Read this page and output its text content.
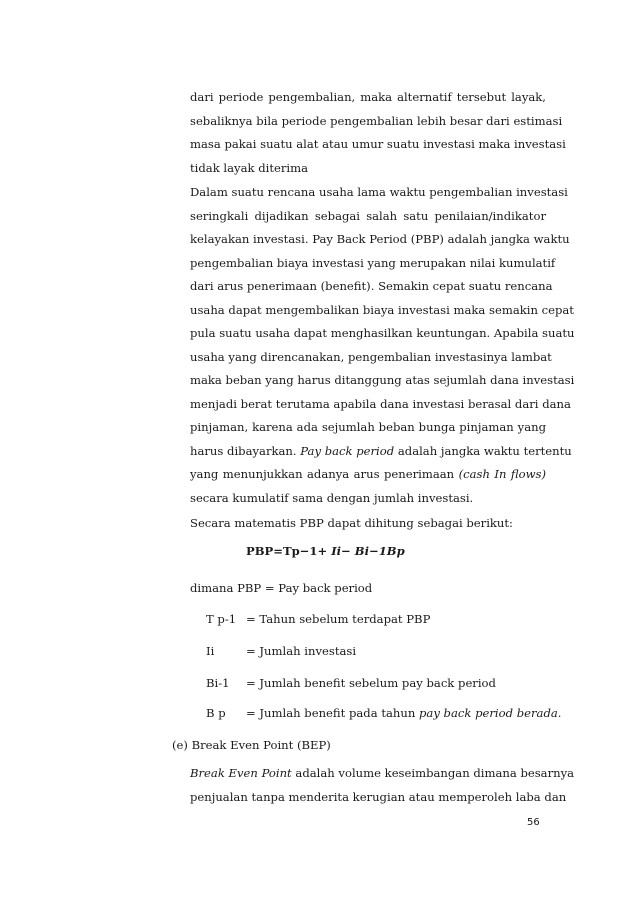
dari periode pengembalian, maka alternatif tersebut layak,
sebaliknya bila periode pengembalian lebih besar dari estimasi
masa pakai suatu alat atau umur suatu investasi maka investasi
tidak layak diterima
Dalam suatu rencana usaha lama waktu pengembalian investasi
seringkali dijadikan sebagai salah satu penilaian/indikator
kelayakan investasi. Pay Back Period (PBP) adalah jangka waktu
pengembalian biaya investasi yang merupakan nilai kumulatif
dari arus penerimaan (benefit). Semakin cepat suatu rencana
usaha dapat mengembalikan biaya investasi maka semakin cepat
pula suatu usaha dapat menghasilkan keuntungan. Apabila suatu
usaha yang direncanakan, pengembalian investasinya lambat
maka beban yang harus ditanggung atas sejumlah dana investasi
menjadi berat terutama apabila dana investasi berasal dari dana
pinjaman, karena ada sejumlah beban bunga pinjaman yang
harus dibayarkan. Pay back period adalah jangka waktu tertentu
yang menunjukkan adanya arus penerimaan (cash In flows)
secara kumulatif sama dengan jumlah investasi.
Secara matematis PBP dapat dihitung sebagai berikut:
PBP=Tp−1+ Ii− Bi−1Bp
dimana PBP = Pay back period
T p-1 = Tahun sebelum terdapat PBP
Ii	= Jumlah investasi
Bi-1 = Jumlah benefit sebelum pay back period
B p = Jumlah benefit pada tahun pay back period berada.
(e) Break Even Point (BEP)
Break Even Point adalah volume keseimbangan dimana besarnya
penjualan tanpa menderita kerugian atau memperoleh laba dan
56
